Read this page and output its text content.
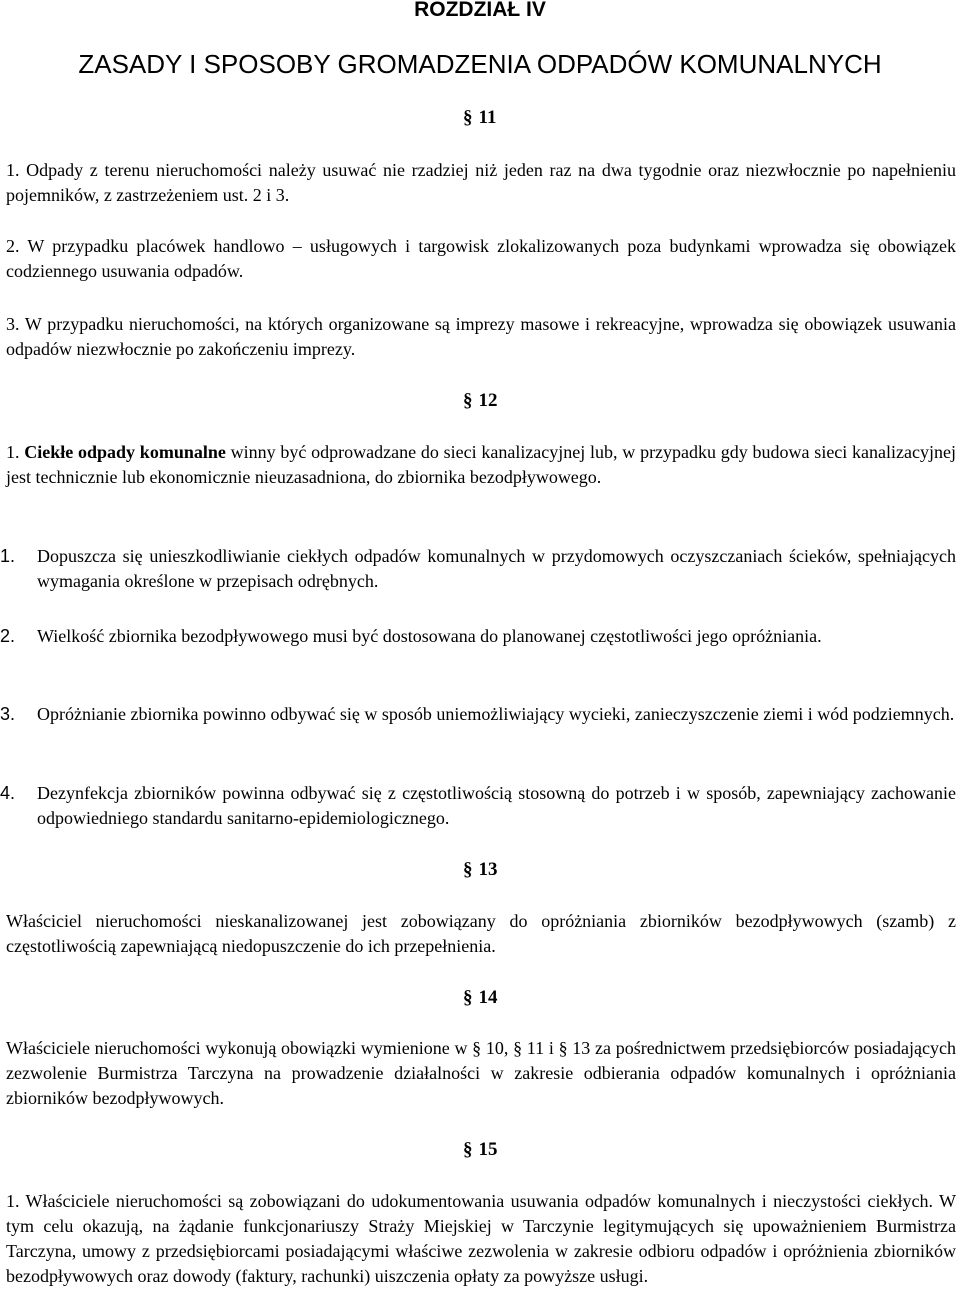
ROZDZIAŁ IV
ZASADY I SPOSOBY GROMADZENIA ODPADÓW KOMUNALNYCH
§ 11
1. Odpady z terenu nieruchomości należy usuwać nie rzadziej niż jeden raz na dwa tygodnie oraz niezwłocznie po napełnieniu pojemników, z zastrzeżeniem ust. 2 i 3.
2. W przypadku placówek handlowo – usługowych i targowisk zlokalizowanych poza budynkami wprowadza się obowiązek codziennego usuwania odpadów.
3. W przypadku nieruchomości, na których organizowane są imprezy masowe i rekreacyjne, wprowadza się obowiązek usuwania odpadów niezwłocznie po zakończeniu imprezy.
§ 12
1. Ciekłe odpady komunalne winny być odprowadzane do sieci kanalizacyjnej lub, w przypadku gdy budowa sieci kanalizacyjnej jest technicznie lub ekonomicznie nieuzasadniona, do zbiornika bezodpływowego.
1.	Dopuszcza się unieszkodliwianie ciekłych odpadów komunalnych w przydomowych oczyszczaniach ścieków, spełniających wymagania określone w przepisach odrębnych.
2.	Wielkość zbiornika bezodpływowego musi być dostosowana do planowanej częstotliwości jego opróżniania.
3.	Opróżnianie zbiornika powinno odbywać się w sposób uniemożliwiający wycieki, zanieczyszczenie ziemi i wód podziemnych.
4.	Dezynfekcja zbiorników powinna odbywać się z częstotliwością stosowną do potrzeb i w sposób, zapewniający zachowanie odpowiedniego standardu sanitarno-epidemiologicznego.
§ 13
Właściciel nieruchomości nieskanalizowanej jest zobowiązany do opróżniania zbiorników bezodpływowych (szamb) z częstotliwością zapewniającą niedopuszczenie do ich przepełnienia.
§ 14
Właściciele nieruchomości wykonują obowiązki wymienione w § 10, § 11 i § 13 za pośrednictwem przedsiębiorców posiadających zezwolenie Burmistrza Tarczyna na prowadzenie działalności w zakresie odbierania odpadów komunalnych i opróżniania zbiorników bezodpływowych.
§ 15
1. Właściciele nieruchomości są zobowiązani do udokumentowania usuwania odpadów komunalnych i nieczystości ciekłych. W tym celu okazują, na żądanie funkcjonariuszy Straży Miejskiej w Tarczynie legitymujących się upoważnieniem Burmistrza Tarczyna, umowy z przedsiębiorcami posiadającymi właściwe zezwolenia w zakresie odbioru odpadów i opróżnienia zbiorników bezodpływowych oraz dowody (faktury, rachunki) uiszczenia opłaty za powyższe usługi.
